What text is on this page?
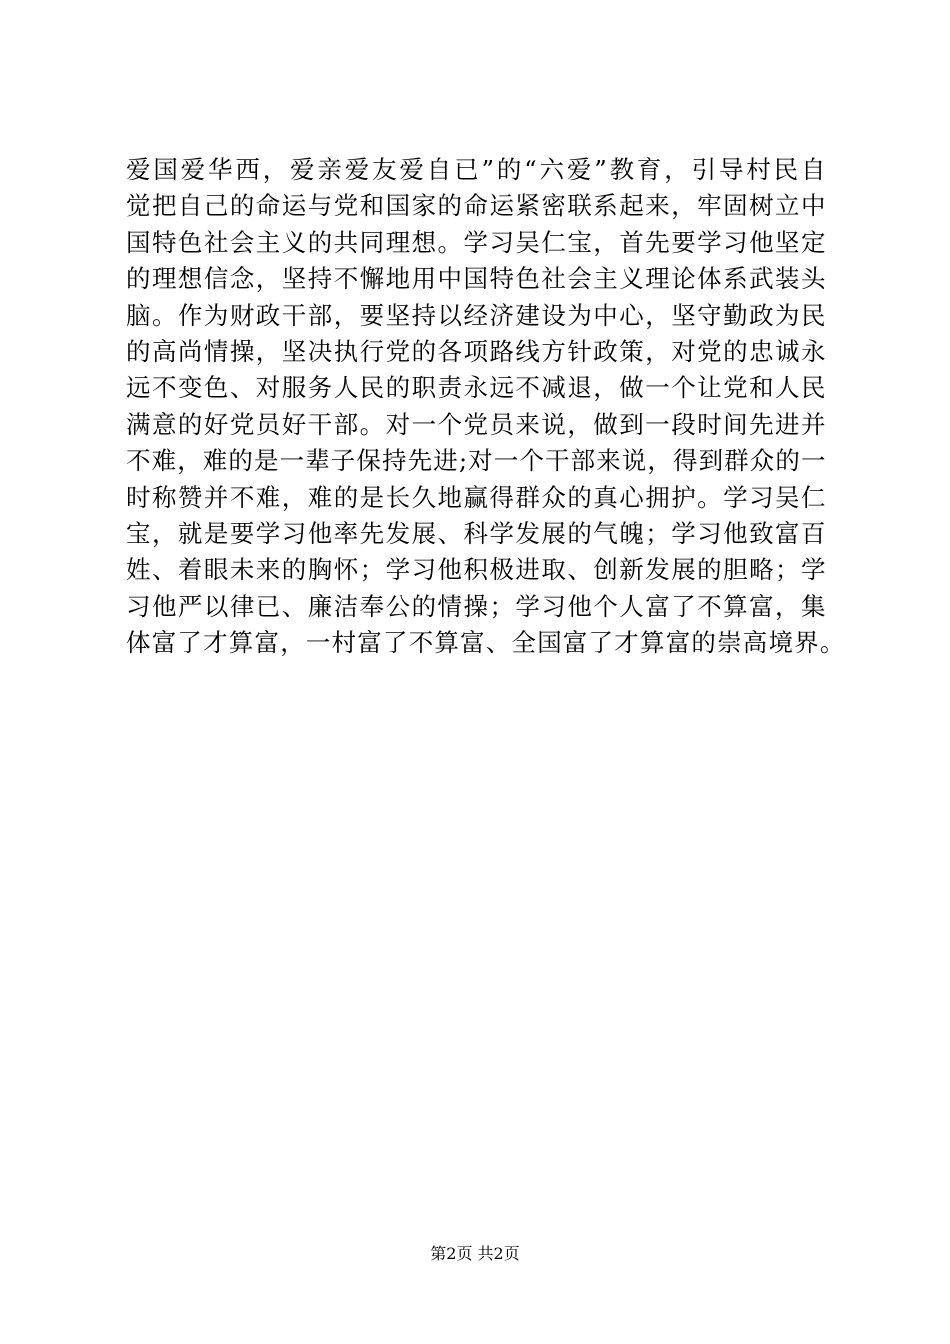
爱国爱华西，爱亲爱友爱自已”的“六爱”教育，引导村民自
觉把自己的命运与党和国家的命运紧密联系起来，牢固树立中
国特色社会主义的共同理想。学习吴仁宝，首先要学习他坚定
的理想信念，坚持不懈地用中国特色社会主义理论体系武装头
脑。作为财政干部，要坚持以经济建设为中心，坚守勤政为民
的高尚情操，坚决执行党的各项路线方针政策，对党的忠诚永
远不变色、对服务人民的职责永远不减退，做一个让党和人民
满意的好党员好干部。对一个党员来说，做到一段时间先进并
不难，难的是一辈子保持先进;对一个干部来说，得到群众的一
时称赞并不难，难的是长久地赢得群众的真心拥护。学习吴仁
宝，就是要学习他率先发展、科学发展的气魄；学习他致富百
姓、着眼未来的胸怀；学习他积极进取、创新发展的胆略；学
习他严以律已、廉洁奉公的情操；学习他个人富了不算富，集
体富了才算富，一村富了不算富、全国富了才算富的崇高境界。
第2页 共2页
